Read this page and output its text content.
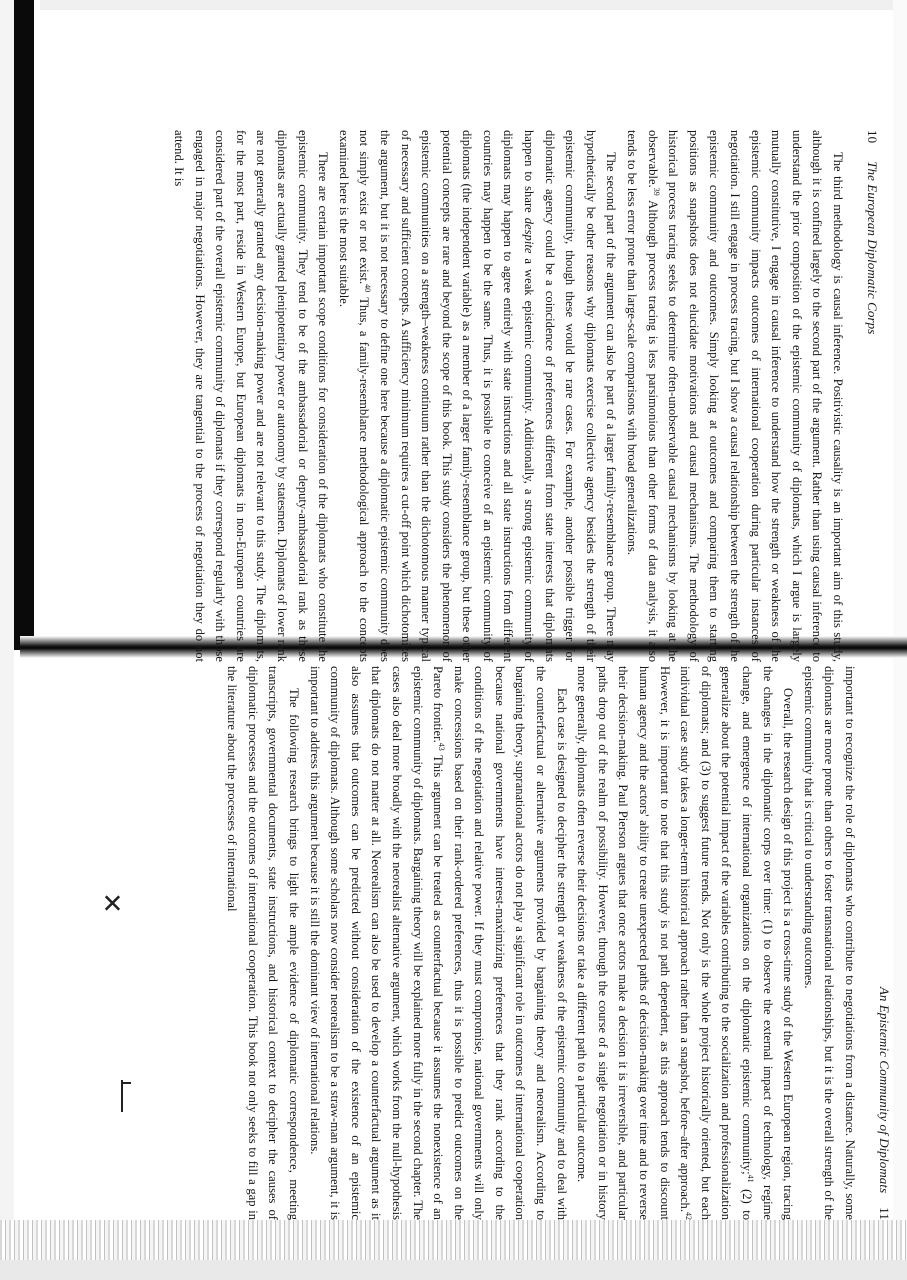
10
The European Diplomatic Corps

The third methodology is causal inference. Positivistic causality is an important aim of this study, although it is confined largely to the second part of the argument. Rather than using causal inference to understand the prior composition of the epistemic community of diplomats, which I argue is largely mutually constitutive, I engage in causal inference to understand how the strength or weakness of the epistemic community impacts outcomes of international cooperation during particular instances of negotiation. I still engage in process tracing, but I show a causal relationship between the strength of the epistemic community and outcomes. Simply looking at outcomes and comparing them to starting positions as snapshots does not elucidate motivations and causal mechanisms. The methodology of historical process tracing seeks to determine often-unobservable causal mechanisms by looking at the observable.$^{39}$ Although process tracing is less parsimonious than other forms of data analysis, it also tends to be less error prone than large-scale comparisons with broad generalizations.

The second part of the argument can also be part of a larger family-resemblance group. There may hypothetically be other reasons why diplomats exercise collective agency besides the strength of their epistemic community, though these would be rare cases. For example, another possible trigger for diplomatic agency could be a coincidence of preferences different from state interests that diplomats happen to share despite a weak epistemic community. Additionally, a strong epistemic community of diplomats may happen to agree entirely with state instructions and all state instructions from different countries may happen to be the same. Thus, it is possible to conceive of an epistemic community of diplomats (the independent variable) as a member of a larger family-resemblance group, but these other potential concepts are rare and beyond the scope of this book. This study considers the phenomenon of epistemic communities on a strength–weakness continuum rather than the dichotomous manner typical of necessary and sufficient concepts. A sufficiency minimum requires a cut-off point which dichotomizes the argument, but it is not necessary to define one here because a diplomatic epistemic community does not simply exist or not exist.$^{40}$ Thus, a family-resemblance methodological approach to the concepts examined here is the most suitable.

There are certain important scope conditions for consideration of the diplomats who constitute the epistemic community. They tend to be of the ambassadorial or deputy-ambassadorial rank as these diplomats are actually granted plenipotentiary power or autonomy by statesmen. Diplomats of lower rank are not generally granted any decision-making power and are not relevant to this study. The diplomats, for the most part, reside in Western Europe, but European diplomats in non-European countries are considered part of the overall epistemic community of diplomats if they correspond regularly with those engaged in major negotiations. However, they are tangential to the process of negotiation they do not attend. It is

An Epistemic Community of Diplomats
11

important to recognize the role of diplomats who contribute to negotiations from a distance. Naturally, some diplomats are more prone than others to foster transnational relationships, but it is the overall strength of the epistemic community that is critical to understanding outcomes.

Overall, the research design of this project is a cross-time study of the Western European region, tracing the changes in the diplomatic corps over time: (1) to observe the external impact of technology, regime change, and emergence of international organizations on the diplomatic epistemic community;$^{41}$ (2) to generalize about the potential impact of the variables contributing to the socialization and professionalization of diplomats; and (3) to suggest future trends. Not only is the whole project historically oriented, but each individual case study takes a longer-term historical approach rather than a snapshot, before–after approach.$^{42}$ However, it is important to note that this study is not path dependent, as this approach tends to discount human agency and the actors' ability to create unexpected paths of decision-making over time and to reverse their decision-making. Paul Pierson argues that once actors make a decision it is irreversible, and particular paths drop out of the realm of possibility. However, through the course of a single negotiation or in history more generally, diplomats often reverse their decisions or take a different path to a particular outcome.

Each case is designed to decipher the strength or weakness of the epistemic community and to deal with the counterfactual or alternative arguments provided by bargaining theory and neorealism. According to bargaining theory, supranational actors do not play a significant role in outcomes of international cooperation because national governments have interest-maximizing preferences that they rank according to the conditions of the negotiation and relative power. If they must compromise, national governments will only make concessions based on their rank-ordered preferences, thus it is possible to predict outcomes on the Pareto frontier.$^{43}$ This argument can be treated as counterfactual because it assumes the nonexistence of an epistemic community of diplomats. Bargaining theory will be explained more fully in the second chapter. The cases also deal more broadly with the neorealist alternative argument, which works from the null-hypothesis that diplomats do not matter at all. Neorealism can also be used to develop a counterfactual argument as it also assumes that outcomes can be predicted without consideration of the existence of an epistemic community of diplomats. Although some scholars now consider neorealism to be a straw-man argument, it is important to address this argument because it is still the dominant view of international relations.

The following research brings to light the ample evidence of diplomatic correspondence, meeting transcripts, governmental documents, state instructions, and historical context to decipher the causes of diplomatic processes and the outcomes of international cooperation. This book not only seeks to fill a gap in the literature about the processes of international

✕
